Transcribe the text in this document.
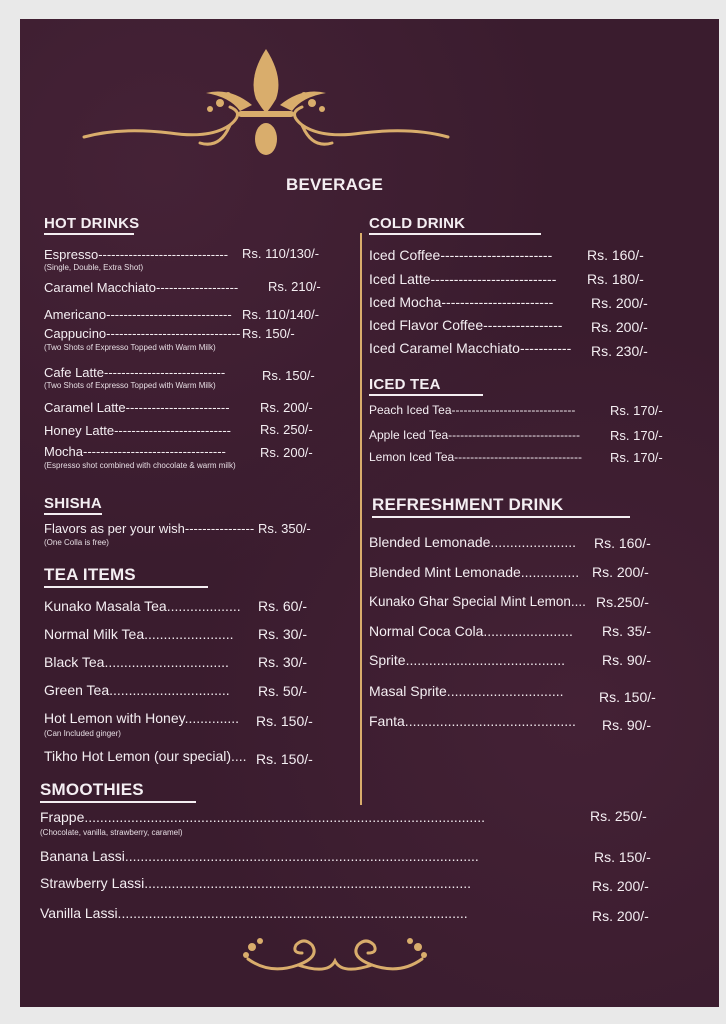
BEVERAGE
HOT DRINKS
Espresso------------------------------ Rs. 110/130/-
(Single, Double, Extra Shot)
Caramel Macchiato------------------- Rs. 210/-
Americano----------------------------- Rs. 110/140/-
Cappucino------------------------------- Rs. 150/-
(Two Shots of Expresso Topped with Warm Milk)
Cafe Latte----------------------------	Rs. 150/-
(Two Shots of Expresso Topped with Warm Milk)
Caramel Latte------------------------ Rs. 200/-
Honey Latte--------------------------- Rs. 250/-
Mocha---------------------------------	Rs. 200/-
(Espresso shot combined with chocolate & warm milk)
SHISHA
Flavors as per your wish---------------- Rs. 350/-
(One Colla is free)
TEA ITEMS
Kunako Masala Tea................... Rs. 60/-
Normal Milk Tea....................... Rs. 30/-
Black Tea................................ Rs. 30/-
Green Tea............................... Rs. 50/-
Hot Lemon with Honey.............. Rs. 150/-
(Can Included ginger)
Tikho Hot Lemon (our special).... Rs. 150/-
COLD DRINK
Iced Coffee------------------------ Rs. 160/-
Iced Latte--------------------------- Rs. 180/-
Iced Mocha------------------------	Rs. 200/-
Iced Flavor Coffee----------------- Rs. 200/-
Iced Caramel Macchiato----------- Rs. 230/-
ICED TEA
Peach Iced Tea-------------------------------	Rs. 170/-
Apple Iced Tea--------------------------------- Rs. 170/-
Lemon Iced Tea-------------------------------- Rs. 170/-
REFRESHMENT DRINK
Blended Lemonade...................... Rs. 160/-
Blended Mint Lemonade............... Rs. 200/-
Kunako Ghar Special Mint Lemon.... Rs.250/-
Normal Coca Cola....................... Rs. 35/-
Sprite.........................................	Rs. 90/-
Masal Sprite..............................	Rs. 150/-
Fanta............................................ Rs. 90/-
SMOOTHIES
Frappe.......................................................................................................	Rs. 250/-
(Chocolate, vanilla, strawberry, caramel)
Banana Lassi...........................................................................................	Rs. 150/-
Strawberry Lassi....................................................................................	Rs. 200/-
Vanilla Lassi..........................................................................................	Rs. 200/-
